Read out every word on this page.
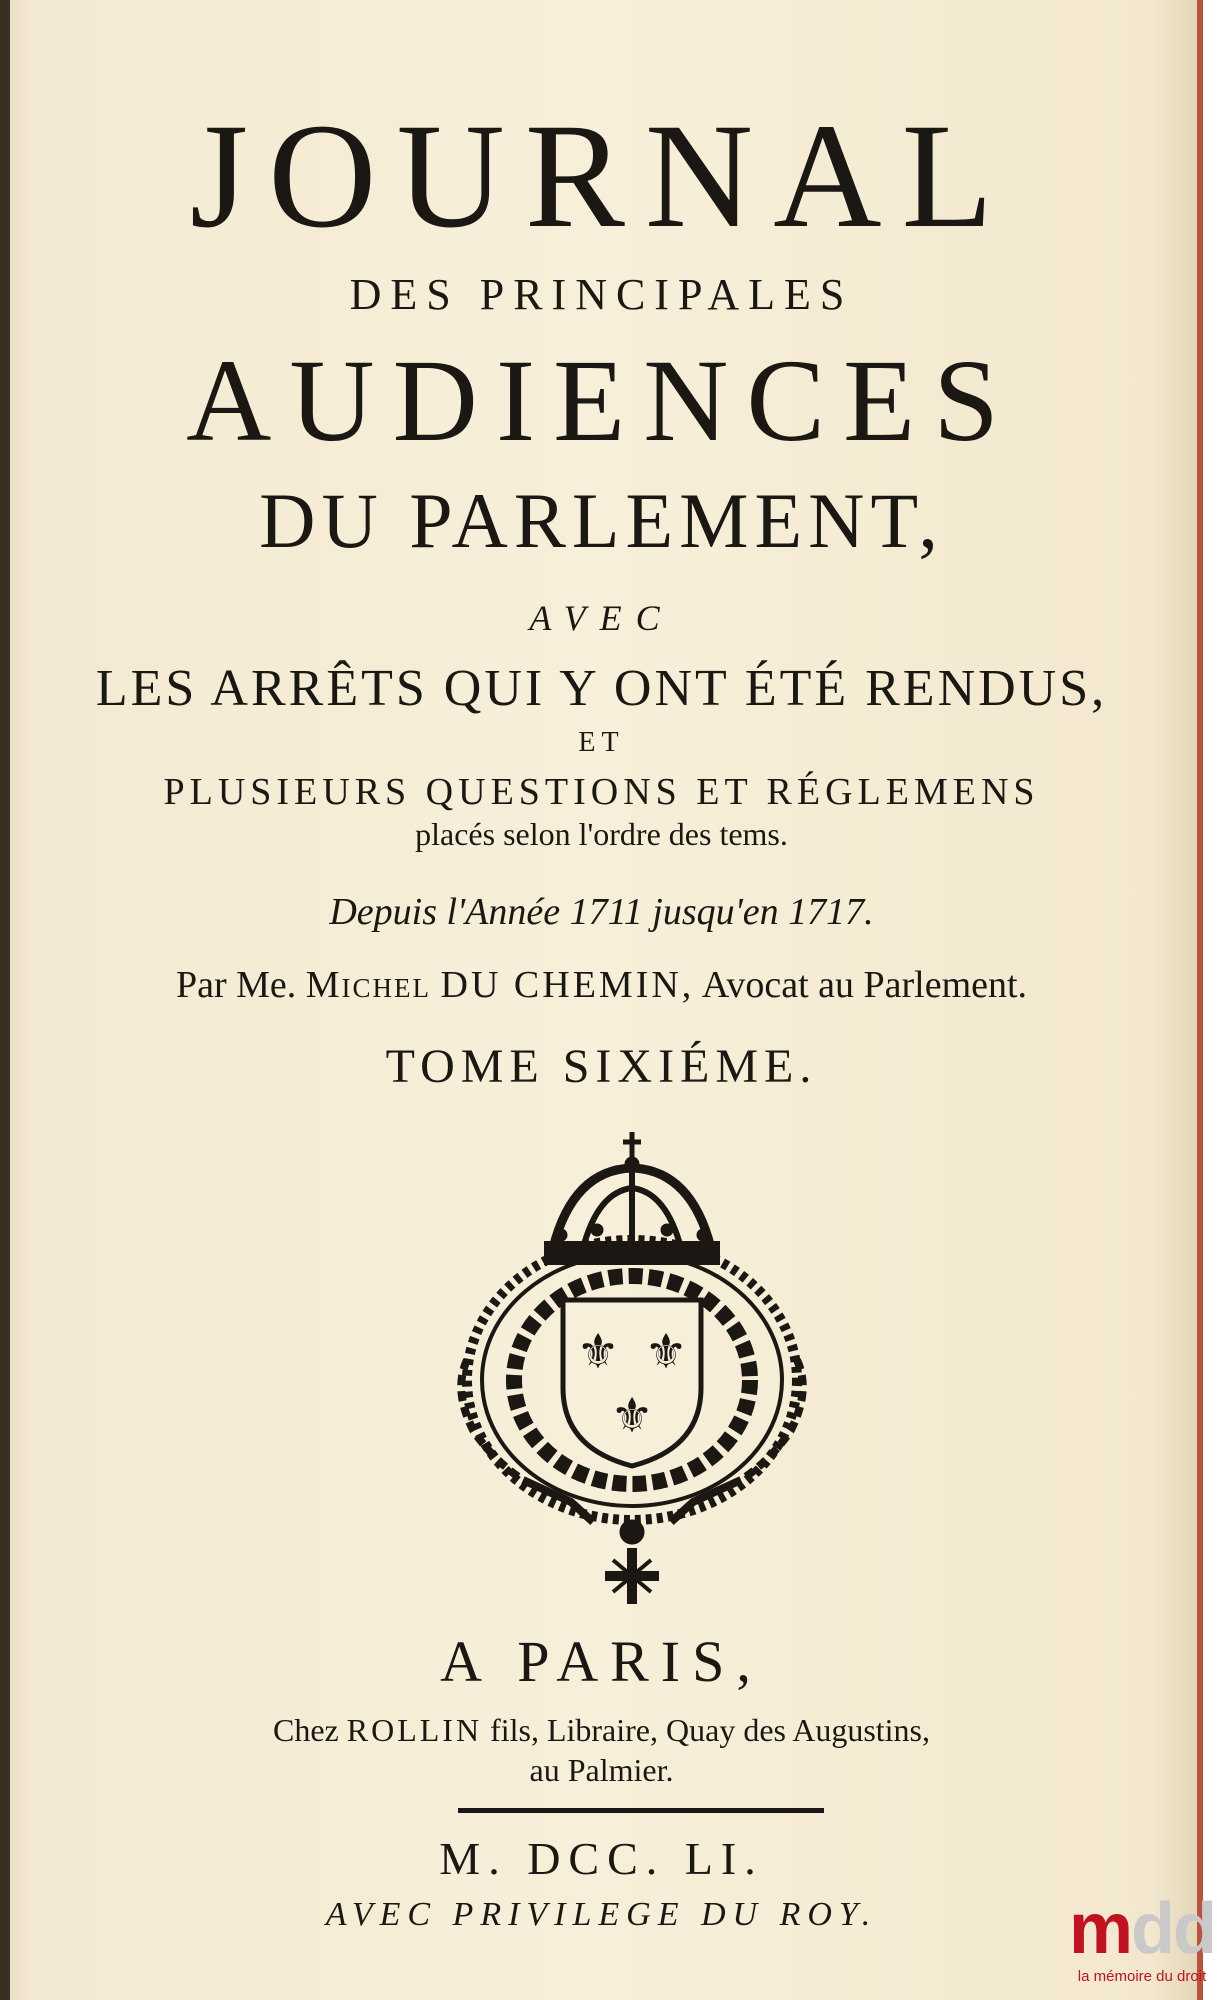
JOURNAL
DES PRINCIPALES
AUDIENCES
DU PARLEMENT,
AVEC
LES ARRÊTS QUI Y ONT ÉTÉ RENDUS,
ET
PLUSIEURS QUESTIONS ET RÉGLEMENS
placés selon l'ordre des tems.
Depuis l'Année 1711 jusqu'en 1717.
Par Me. Michel DU CHEMIN, Avocat au Parlement.
TOME SIXIÉME.
⚜ ⚜
⚜
A PARIS,
Chez ROLLIN fils, Libraire, Quay des Augustins,
au Palmier.
M. DCC. LI.
AVEC PRIVILEGE DU ROY.	mdd
la mémoire du droit
